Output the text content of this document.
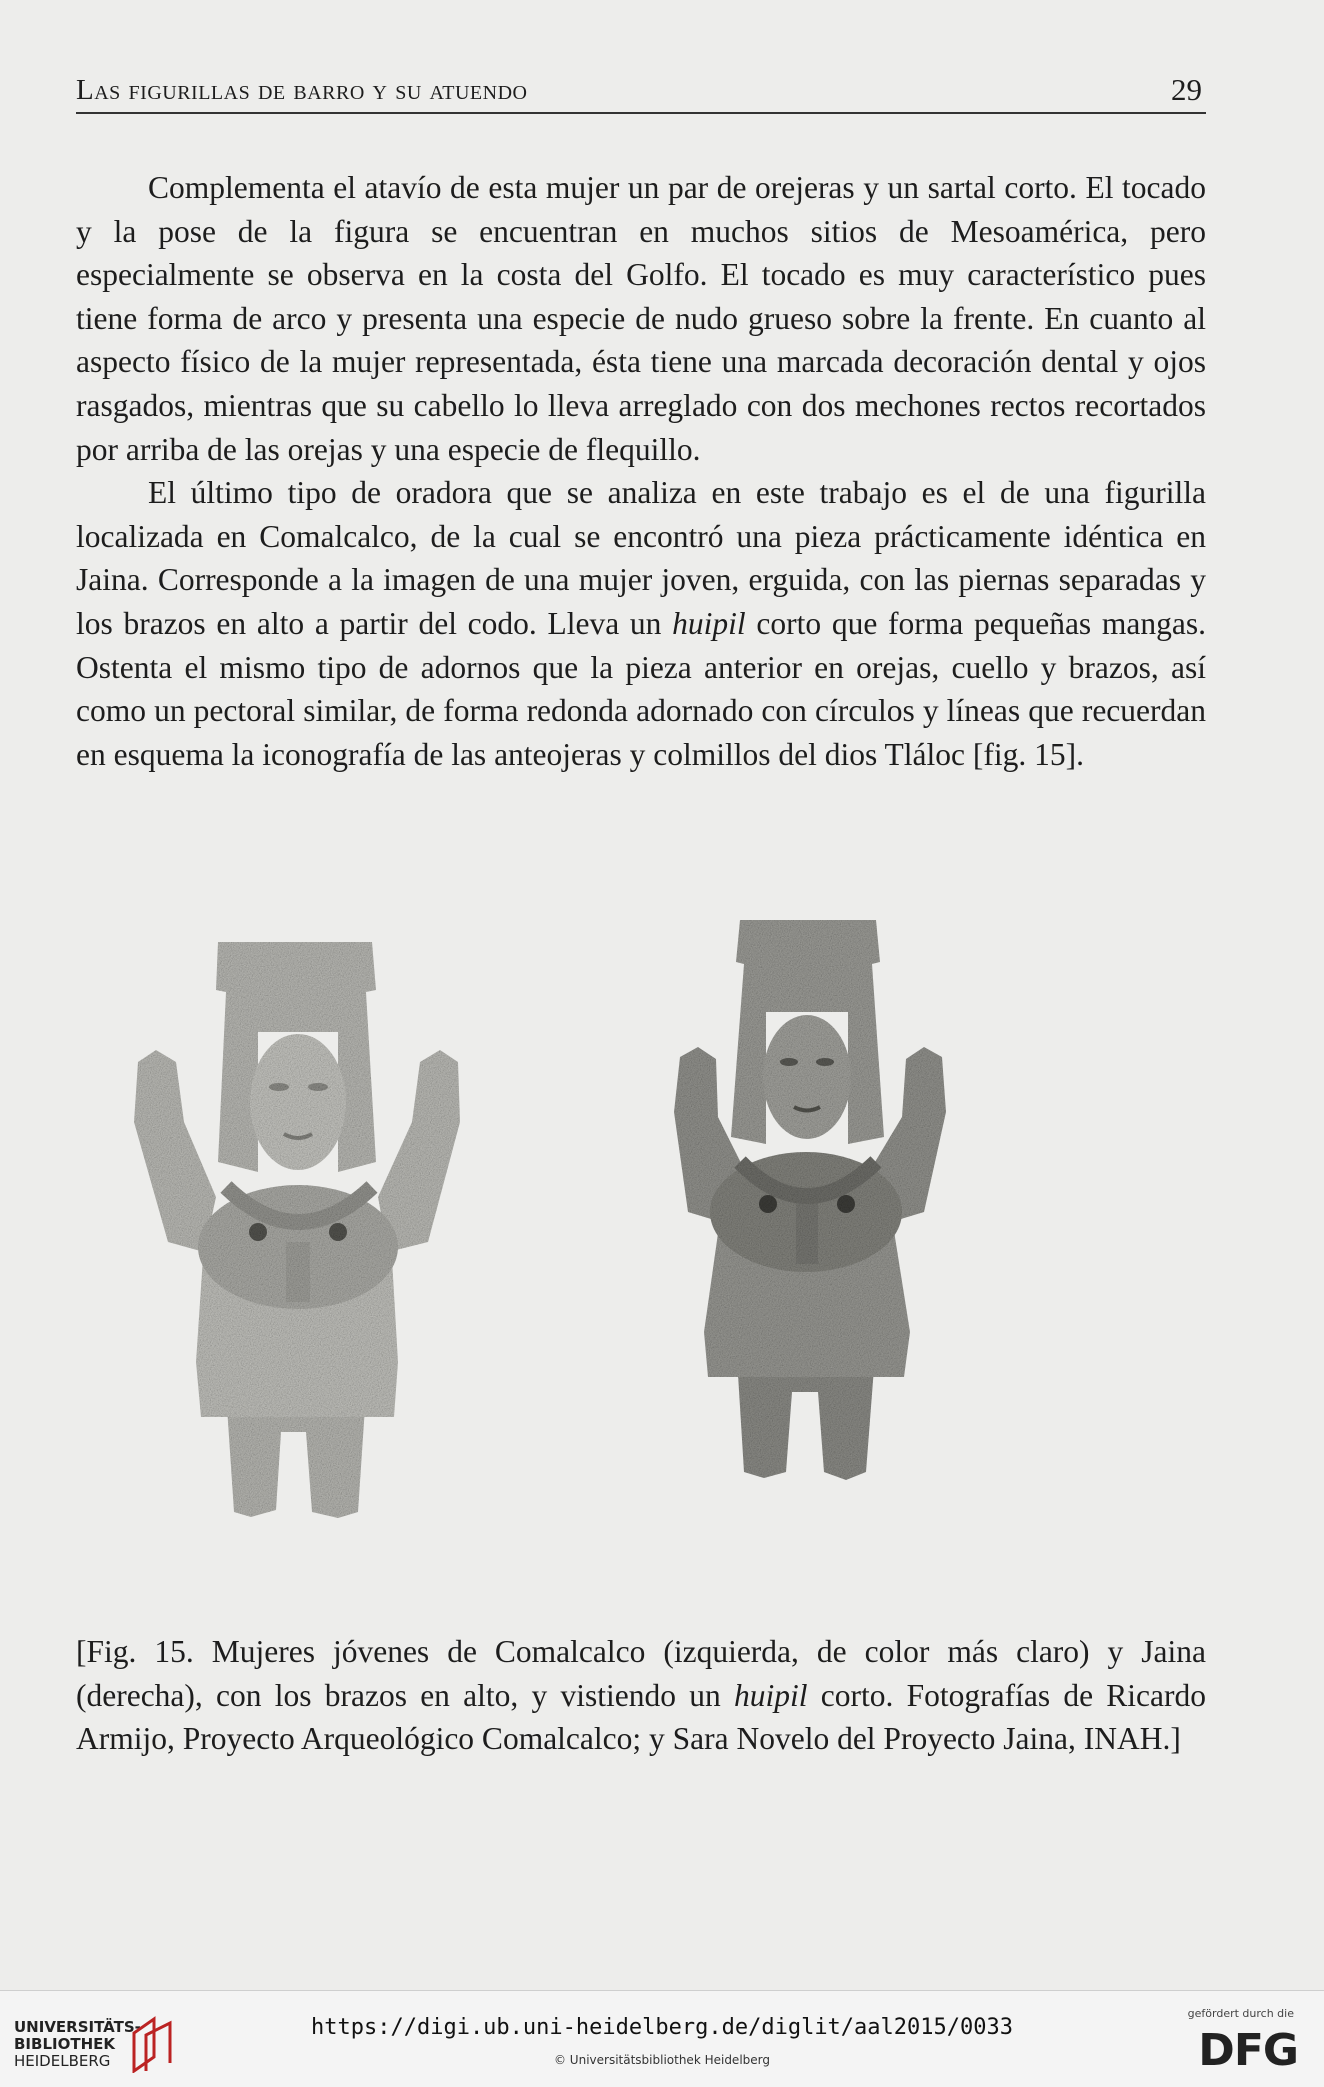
Las figurillas de barro y su atuendo	29

Complementa el atavío de esta mujer un par de orejeras y un sartal corto. El tocado y la pose de la figura se encuentran en muchos sitios de Mesoamérica, pero especialmente se observa en la costa del Golfo. El tocado es muy característico pues tiene forma de arco y presenta una especie de nudo grueso sobre la frente. En cuanto al aspecto físico de la mujer representada, ésta tiene una marcada decoración dental y ojos rasgados, mientras que su cabello lo lleva arreglado con dos mechones rectos recortados por arriba de las orejas y una especie de flequillo.

El último tipo de oradora que se analiza en este trabajo es el de una figurilla localizada en Comalcalco, de la cual se encontró una pieza prácticamente idéntica en Jaina. Corresponde a la imagen de una mujer joven, erguida, con las piernas separadas y los brazos en alto a partir del codo. Lleva un huipil corto que forma pequeñas mangas. Ostenta el mismo tipo de adornos que la pieza anterior en orejas, cuello y brazos, así como un pectoral similar, de forma redonda adornado con círculos y líneas que recuerdan en esquema la iconografía de las anteojeras y colmillos del dios Tláloc [fig. 15].

[Fig. 15. Mujeres jóvenes de Comalcalco (izquierda, de color más claro) y Jaina (derecha), con los brazos en alto, y vistiendo un huipil corto. Fotografías de Ricardo Armijo, Proyecto Arqueológico Comalcalco; y Sara Novelo del Proyecto Jaina, INAH.]
UNIVERSITÄTS-
BIBLIOTHEK
HEIDELBERG
https://digi.ub.uni-heidelberg.de/diglit/aal2015/0033
© Universitätsbibliothek Heidelberg
gefördert durch die
DFG
